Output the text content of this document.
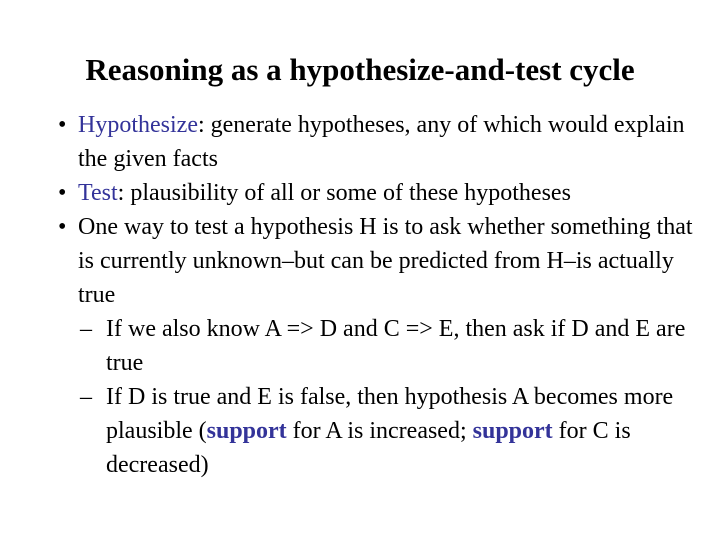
Reasoning as a hypothesize-and-test cycle
• Hypothesize: generate hypotheses, any of which would explain the given facts
• Test: plausibility of all or some of these hypotheses
• One way to test a hypothesis H is to ask whether something that is currently unknown–but can be predicted from H–is actually true
– If we also know A => D and C => E, then ask if D and E are true
– If D is true and E is false, then hypothesis A becomes more plausible (support for A is increased; support for C is decreased)
